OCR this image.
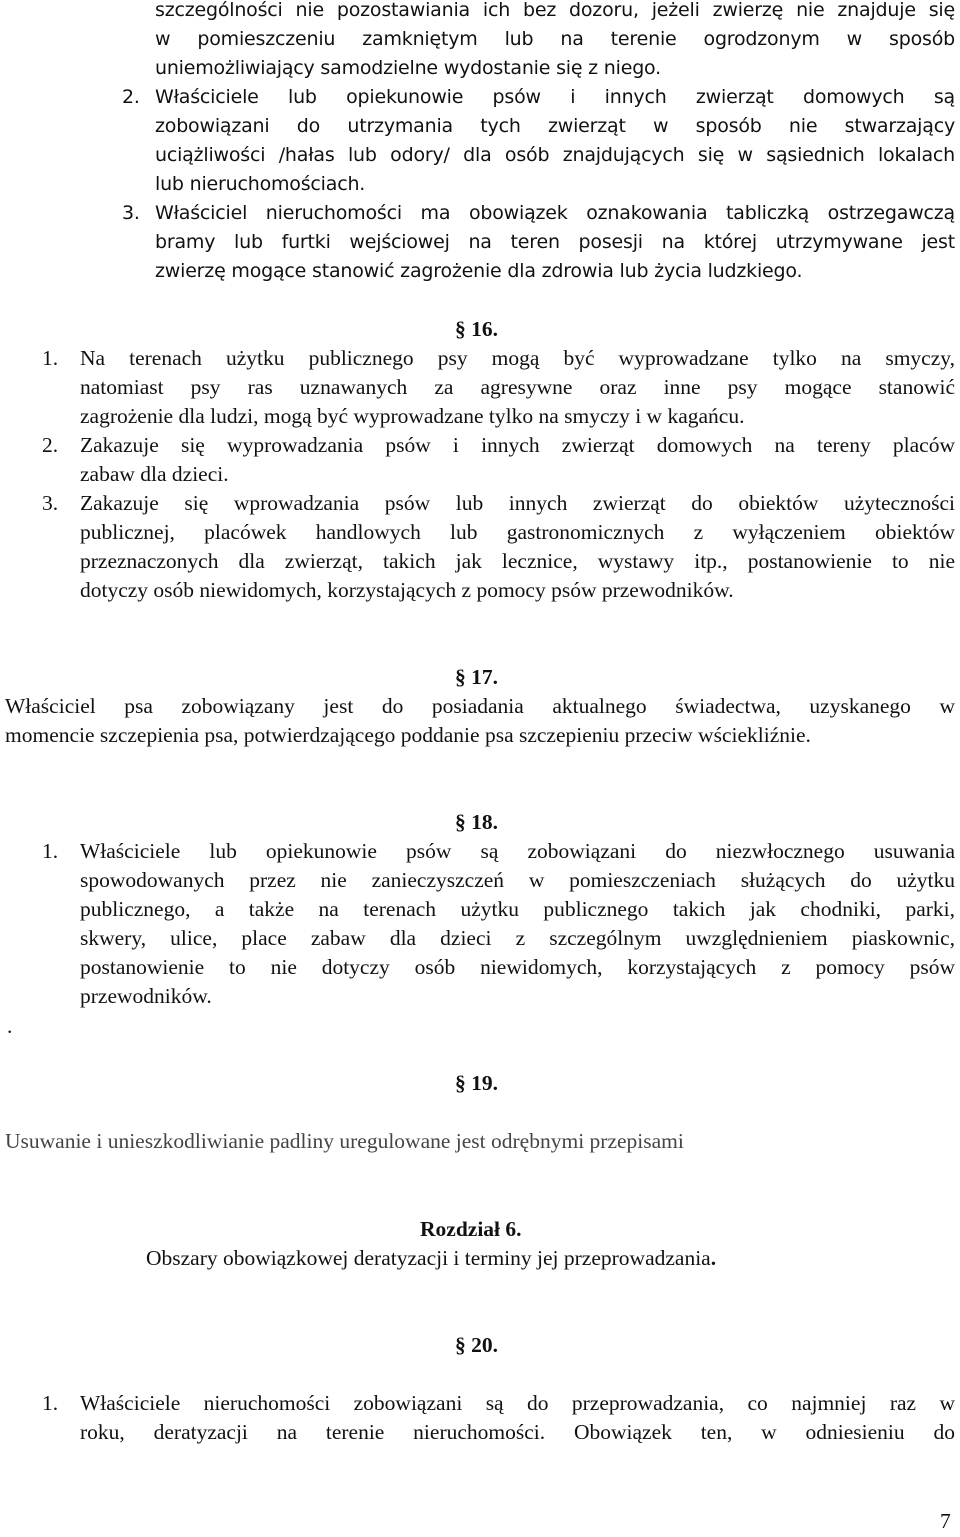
szczególności nie pozostawiania ich bez dozoru, jeżeli zwierzę nie znajduje się
w pomieszczeniu zamkniętym lub na terenie ogrodzonym w sposób
uniemożliwiający samodzielne wydostanie się z niego.
2. Właściciele lub opiekunowie psów i innych zwierząt domowych są
zobowiązani do utrzymania tych zwierząt w sposób nie stwarzający
uciążliwości /hałas lub odory/ dla osób znajdujących się w sąsiednich lokalach
lub nieruchomościach.
3. Właściciel nieruchomości ma obowiązek oznakowania tabliczką ostrzegawczą
bramy lub furtki wejściowej na teren posesji na której utrzymywane jest
zwierzę mogące stanowić zagrożenie dla zdrowia lub życia ludzkiego.
§ 16.
1. Na terenach użytku publicznego psy mogą być wyprowadzane tylko na smyczy,
natomiast psy ras uznawanych za agresywne oraz inne psy mogące stanowić
zagrożenie dla ludzi, mogą być wyprowadzane tylko na smyczy i w kagańcu.
2. Zakazuje się wyprowadzania psów i innych zwierząt domowych na tereny placów
zabaw dla dzieci.
3. Zakazuje się wprowadzania psów lub innych zwierząt do obiektów użyteczności
publicznej, placówek handlowych lub gastronomicznych z wyłączeniem obiektów
przeznaczonych dla zwierząt, takich jak lecznice, wystawy itp., postanowienie to nie
dotyczy osób niewidomych, korzystających z pomocy psów przewodników.
§ 17.
Właściciel psa zobowiązany jest do posiadania aktualnego świadectwa, uzyskanego w
momencie szczepienia psa, potwierdzającego poddanie psa szczepieniu przeciw wściekliźnie.
§ 18.
1. Właściciele lub opiekunowie psów są zobowiązani do niezwłocznego usuwania
spowodowanych przez nie zanieczyszczeń w pomieszczeniach służących do użytku
publicznego, a także na terenach użytku publicznego takich jak chodniki, parki,
skwery, ulice, place zabaw dla dzieci z szczególnym uwzględnieniem piaskownic,
postanowienie to nie dotyczy osób niewidomych, korzystających z pomocy psów
przewodników.
.
§ 19.
Usuwanie i unieszkodliwianie padliny uregulowane jest odrębnymi przepisami
Rozdział 6.
Obszary obowiązkowej deratyzacji i terminy jej przeprowadzania.
§ 20.
1. Właściciele nieruchomości zobowiązani są do przeprowadzania, co najmniej raz w
roku, deratyzacji na terenie nieruchomości. Obowiązek ten, w odniesieniu do
7
